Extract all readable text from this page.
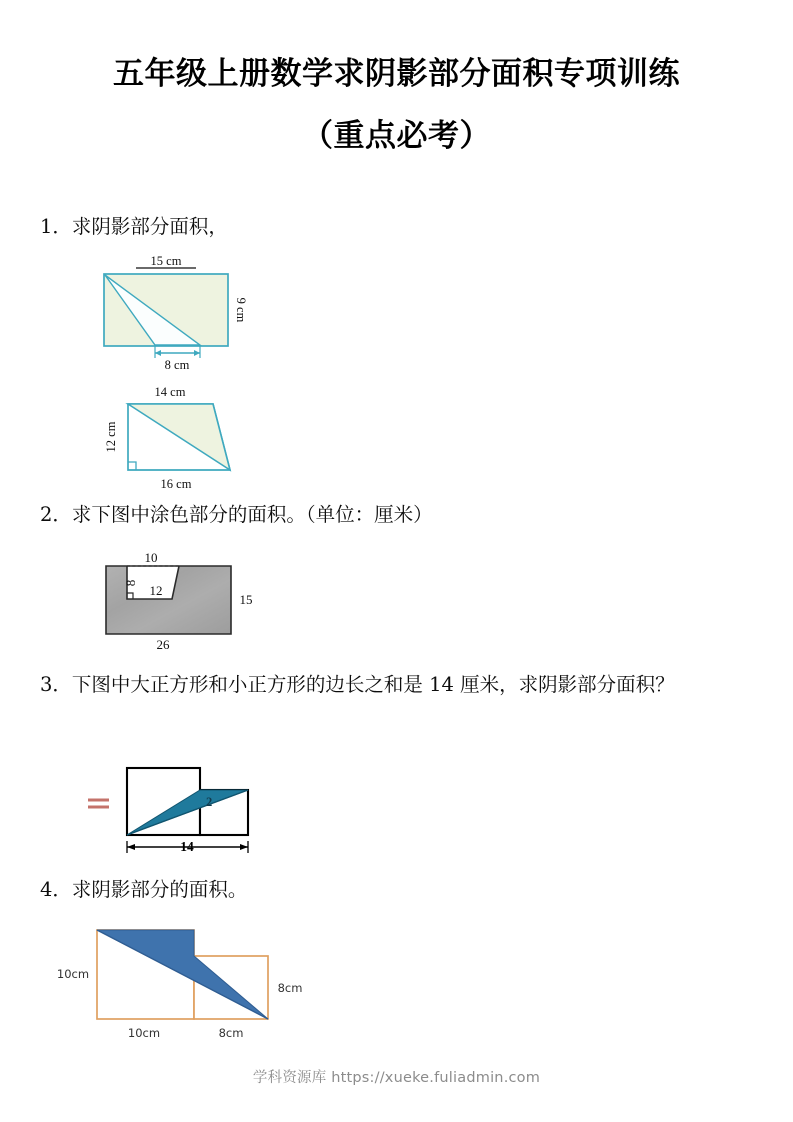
五年级上册数学求阴影部分面积专项训练
（重点必考）
1．求阴影部分面积，
15 cm
9 cm
8 cm
14 cm
12 cm
16 cm
2．求下图中涂色部分的面积。（单位：厘米）
10
8 12
15
26
3．下图中大正方形和小正方形的边长之和是 14 厘米，求阴影部分面积？
2
14
4．求阴影部分的面积。
10cm
8cm
10cm	8cm
学科资源库 https://xueke.fuliadmin.com
